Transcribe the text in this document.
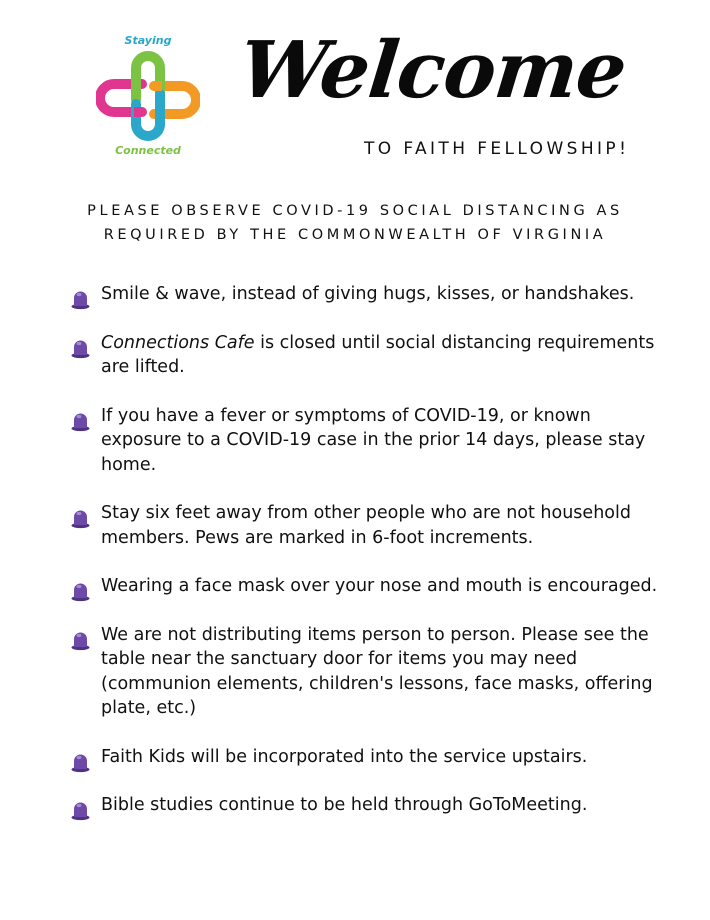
Staying
Connected
Welcome
TO FAITH FELLOWSHIP!
PLEASE OBSERVE COVID-19 SOCIAL DISTANCING AS
REQUIRED BY THE COMMONWEALTH OF VIRGINIA
Smile & wave, instead of giving hugs, kisses, or handshakes.
Connections Cafe is closed until social distancing requirements are lifted.
If you have a fever or symptoms of COVID-19, or known exposure to a COVID-19 case in the prior 14 days, please stay home.
Stay six feet away from other people who are not household members. Pews are marked in 6-foot increments.
Wearing a face mask over your nose and mouth is encouraged.
We are not distributing items person to person. Please see the table near the sanctuary door for items you may need (communion elements, children's lessons, face masks, offering plate, etc.)
Faith Kids will be incorporated into the service upstairs.
Bible studies continue to be held through GoToMeeting.
